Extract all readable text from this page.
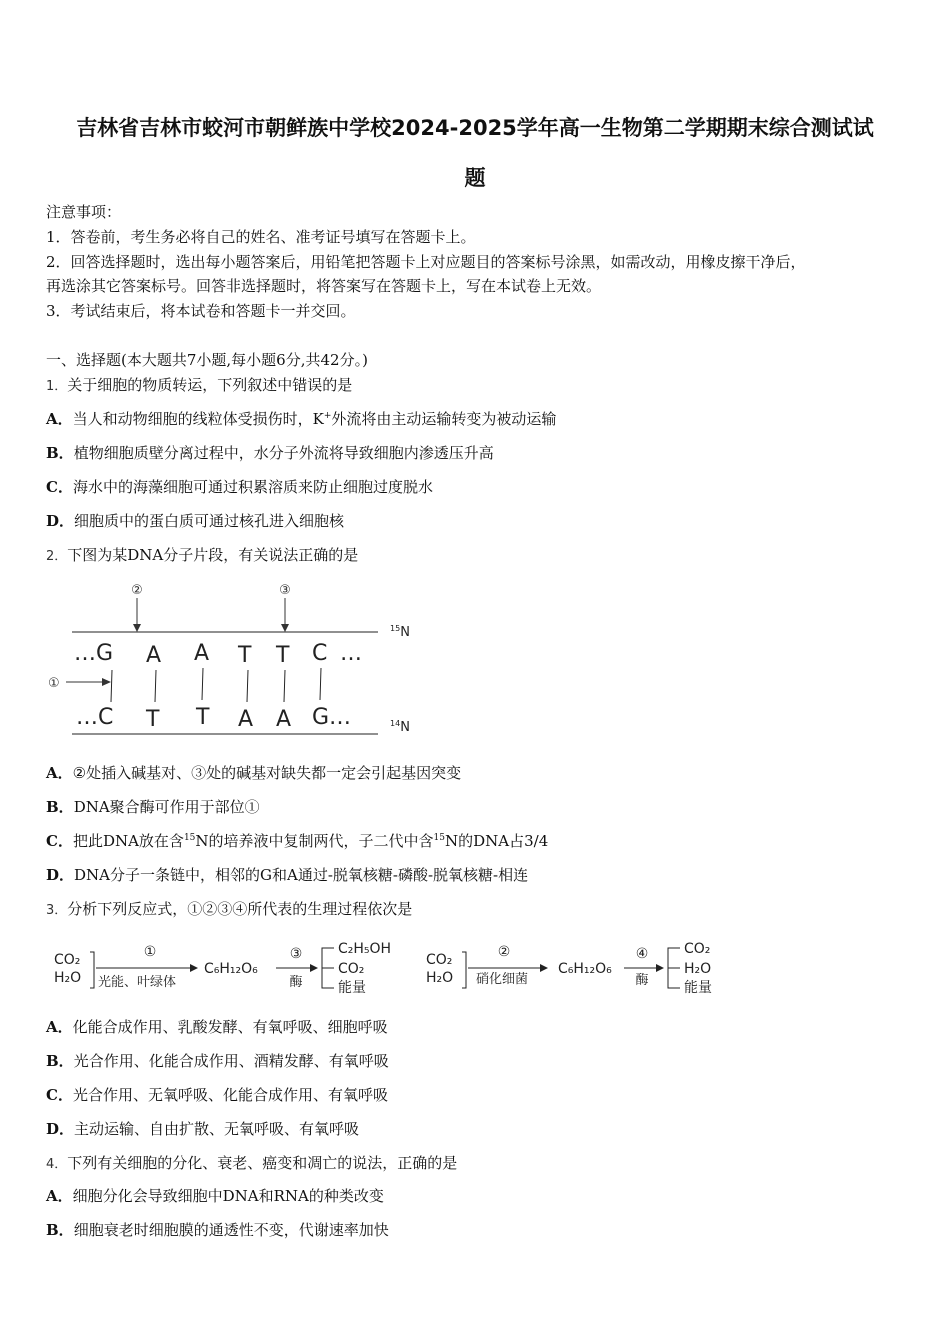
吉林省吉林市蛟河市朝鲜族中学校2024-2025学年高一生物第二学期期末综合测试试
题
注意事项：
1．答卷前，考生务必将自己的姓名、准考证号填写在答题卡上。
2．回答选择题时，选出每小题答案后，用铅笔把答题卡上对应题目的答案标号涂黑，如需改动，用橡皮擦干净后，
再选涂其它答案标号。回答非选择题时，将答案写在答题卡上，写在本试卷上无效。
3．考试结束后，将本试卷和答题卡一并交回。
一、选择题(本大题共7小题,每小题6分,共42分。)
1．关于细胞的物质转运，下列叙述中错误的是
A．当人和动物细胞的线粒体受损伤时，K+外流将由主动运输转变为被动运输
B．植物细胞质壁分离过程中，水分子外流将导致细胞内渗透压升高
C．海水中的海藻细胞可通过积累溶质来防止细胞过度脱水
D．细胞质中的蛋白质可通过核孔进入细胞核
2．下图为某DNA分子片段，有关说法正确的是
②	③
$^{15}$N
…G A A T T C …
①
…C T T A A G…	$^{14}$N
A．②处插入碱基对、③处的碱基对缺失都一定会引起基因突变
B．DNA聚合酶可作用于部位①
C．把此DNA放在含$^{15}$N的培养液中复制两代，子二代中含$^{15}$N的DNA占3/4
D．DNA分子一条链中，相邻的G和A通过-脱氧核糖-磷酸-脱氧核糖-相连
3．分析下列反应式，①②③④所代表的生理过程依次是
CO₂
H₂O
①
光能、叶绿体
C₆H₁₂O₆
③
酶
C₂H₅OH
CO₂
能量
CO₂
H₂O
②
硝化细菌
C₆H₁₂O₆
④
酶
CO₂
H₂O
能量
A．化能合成作用、乳酸发酵、有氧呼吸、细胞呼吸
B．光合作用、化能合成作用、酒精发酵、有氧呼吸
C．光合作用、无氧呼吸、化能合成作用、有氧呼吸
D．主动运输、自由扩散、无氧呼吸、有氧呼吸
4．下列有关细胞的分化、衰老、癌变和凋亡的说法，正确的是
A．细胞分化会导致细胞中DNA和RNA的种类改变
B．细胞衰老时细胞膜的通透性不变，代谢速率加快
